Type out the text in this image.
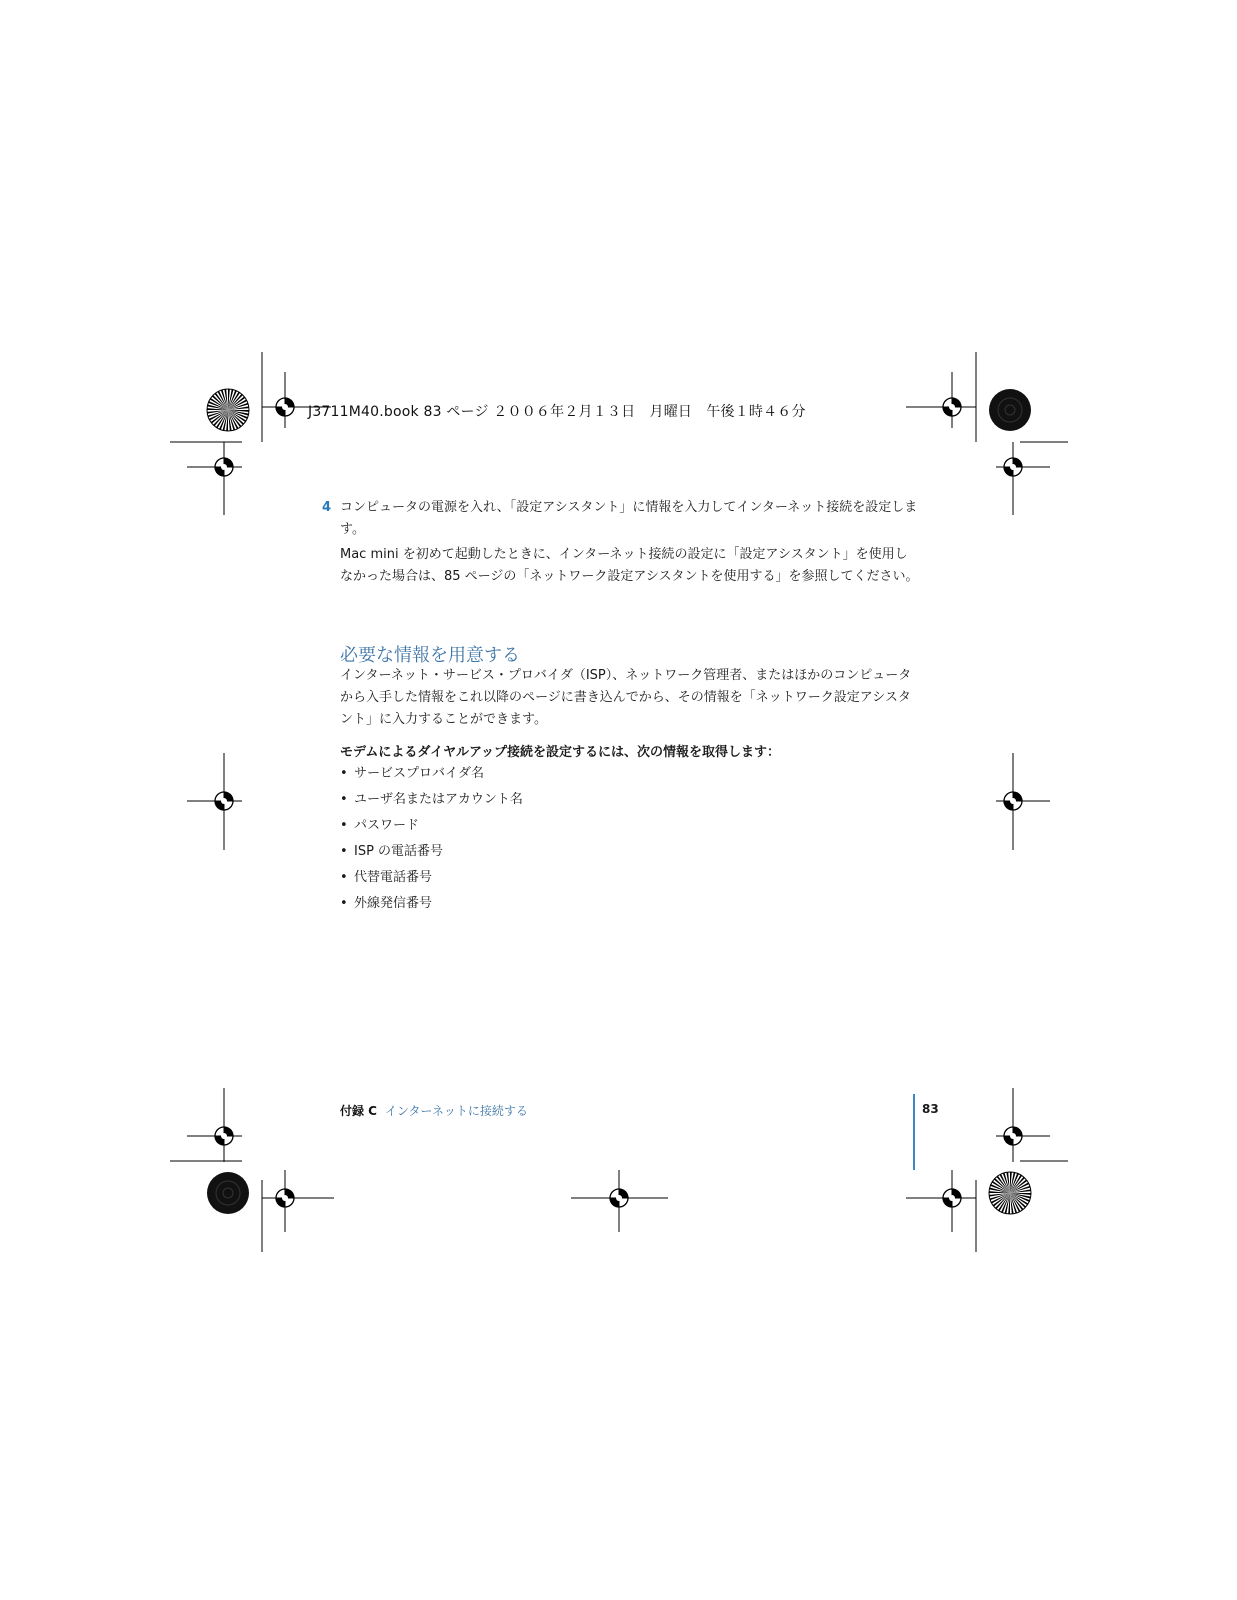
J3711M40.book 83 ページ ２００６年２月１３日　月曜日　午後１時４６分
4 コンピュータの電源を入れ、「設定アシスタント」に情報を入力してインターネット接続を設定します。
Mac mini を初めて起動したときに、インターネット接続の設定に「設定アシスタント」を使用しなかった場合は、85 ページの「ネットワーク設定アシスタントを使用する」を参照してください。
必要な情報を用意する
インターネット・サービス・プロバイダ（ISP）、ネットワーク管理者、またはほかのコンピュータから入手した情報をこれ以降のページに書き込んでから、その情報を「ネットワーク設定アシスタント」に入力することができます。
モデムによるダイヤルアップ接続を設定するには、次の情報を取得します：
• サービスプロバイダ名
• ユーザ名またはアカウント名
• パスワード
• ISP の電話番号
• 代替電話番号
• 外線発信番号
付録 C インターネットに接続する	83
